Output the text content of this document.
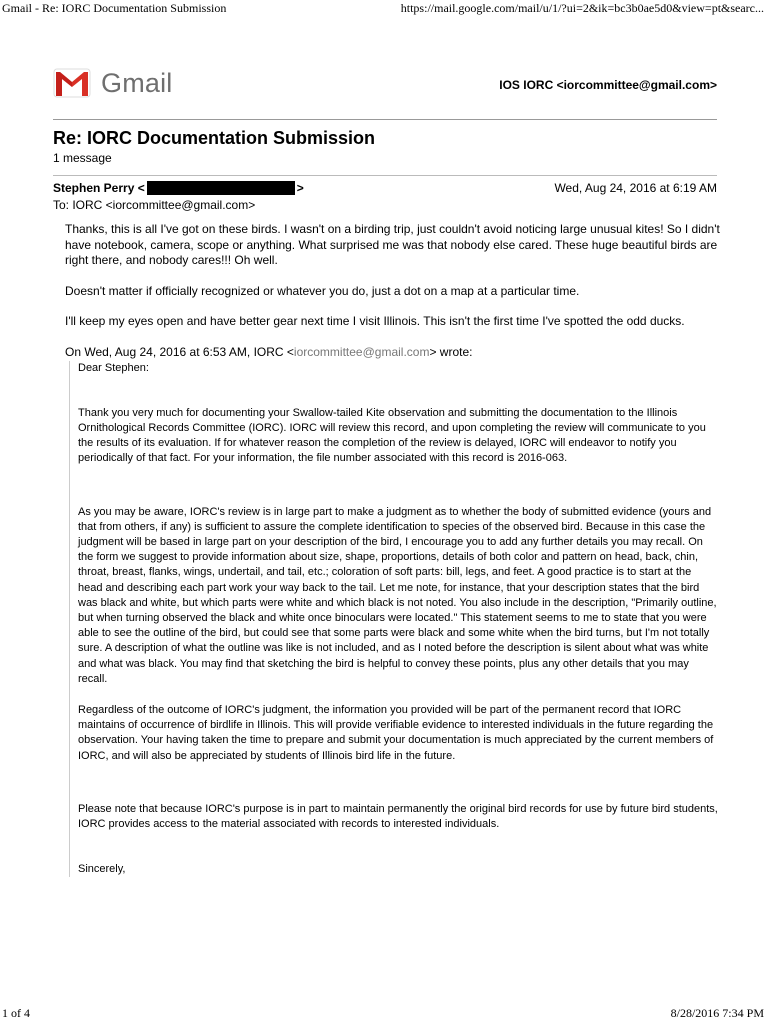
Gmail - Re: IORC Documentation Submission	https://mail.google.com/mail/u/1/?ui=2&ik=bc3b0ae5d0&view=pt&searc...
Gmail	IOS IORC <iorcommittee@gmail.com>
Re: IORC Documentation Submission
1 message
Stephen Perry <	>	Wed, Aug 24, 2016 at 6:19 AM
To: IORC <iorcommittee@gmail.com>

Thanks, this is all I've got on these birds. I wasn't on a birding trip, just couldn't avoid noticing large unusual kites! So I didn't have notebook, camera, scope or anything. What surprised me was that nobody else cared. These huge beautiful birds are right there, and nobody cares!!! Oh well.

Doesn't matter if officially recognized or whatever you do, just a dot on a map at a particular time.

I'll keep my eyes open and have better gear next time I visit Illinois. This isn't the first time I've spotted the odd ducks.

On Wed, Aug 24, 2016 at 6:53 AM, IORC <iorcommittee@gmail.com> wrote:

Dear Stephen:

Thank you very much for documenting your Swallow-tailed Kite observation and submitting the documentation to the Illinois Ornithological Records Committee (IORC). IORC will review this record, and upon completing the review will communicate to you the results of its evaluation. If for whatever reason the completion of the review is delayed, IORC will endeavor to notify you periodically of that fact. For your information, the file number associated with this record is 2016-063.

As you may be aware, IORC's review is in large part to make a judgment as to whether the body of submitted evidence (yours and that from others, if any) is sufficient to assure the complete identification to species of the observed bird. Because in this case the judgment will be based in large part on your description of the bird, I encourage you to add any further details you may recall. On the form we suggest to provide information about size, shape, proportions, details of both color and pattern on head, back, chin, throat, breast, flanks, wings, undertail, and tail, etc.; coloration of soft parts: bill, legs, and feet. A good practice is to start at the head and describing each part work your way back to the tail. Let me note, for instance, that your description states that the bird was black and white, but which parts were white and which black is not noted. You also include in the description, "Primarily outline, but when turning observed the black and white once binoculars were located." This statement seems to me to state that you were able to see the outline of the bird, but could see that some parts were black and some white when the bird turns, but I'm not totally sure. A description of what the outline was like is not included, and as I noted before the description is silent about what was white and what was black. You may find that sketching the bird is helpful to convey these points, plus any other details that you may recall.

Regardless of the outcome of IORC's judgment, the information you provided will be part of the permanent record that IORC maintains of occurrence of birdlife in Illinois. This will provide verifiable evidence to interested individuals in the future regarding the observation. Your having taken the time to prepare and submit your documentation is much appreciated by the current members of IORC, and will also be appreciated by students of Illinois bird life in the future.

Please note that because IORC's purpose is in part to maintain permanently the original bird records for use by future bird students, IORC provides access to the material associated with records to interested individuals.

Sincerely,

1 of 4	8/28/2016 7:34 PM
